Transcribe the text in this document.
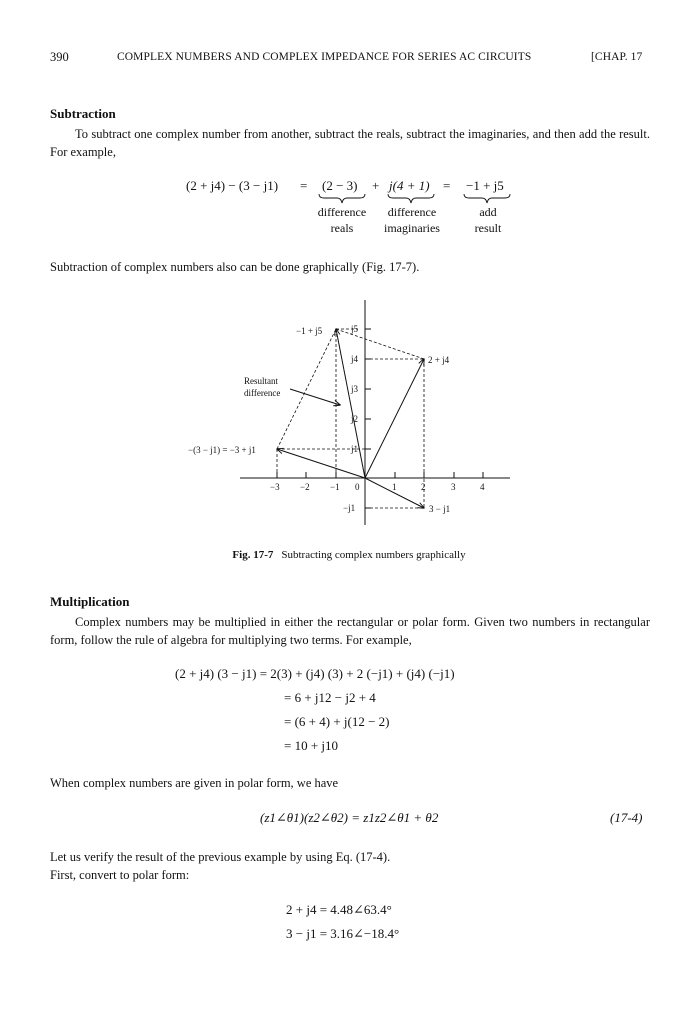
390	COMPLEX NUMBERS AND COMPLEX IMPEDANCE FOR SERIES AC CIRCUITS	[CHAP. 17
Subtraction
To subtract one complex number from another, subtract the reals, subtract the imaginaries, and then add the result. For example,
(2 + j4) − (3 − j1) = (2 − 3) + j(4 + 1) = −1 + j5
difference
reals
difference
imaginaries
add
result
Subtraction of complex numbers also can be done graphically (Fig. 17-7).
j5
j4
j3
j2
j1
−j1
−3 −2 −1 0	1	2	3	4
−1 + j5
2 + j4
−(3 − j1) = −3 + j1
3 − j1
Resultant
difference
Fig. 17-7 Subtracting complex numbers graphically
Multiplication
Complex numbers may be multiplied in either the rectangular or polar form. Given two numbers in rectangular form, follow the rule of algebra for multiplying two terms. For example,
(2 + j4) (3 − j1) = 2(3) + (j4) (3) + 2 (−j1) + (j4) (−j1)
= 6 + j12 − j2 + 4
= (6 + 4) + j(12 − 2)
= 10 + j10
When complex numbers are given in polar form, we have
(z1∠θ1)(z2∠θ2) = z1z2∠θ1 + θ2	(17-4)
Let us verify the result of the previous example by using Eq. (17-4).
First, convert to polar form:
2 + j4 = 4.48∠63.4°
3 − j1 = 3.16∠−18.4°
